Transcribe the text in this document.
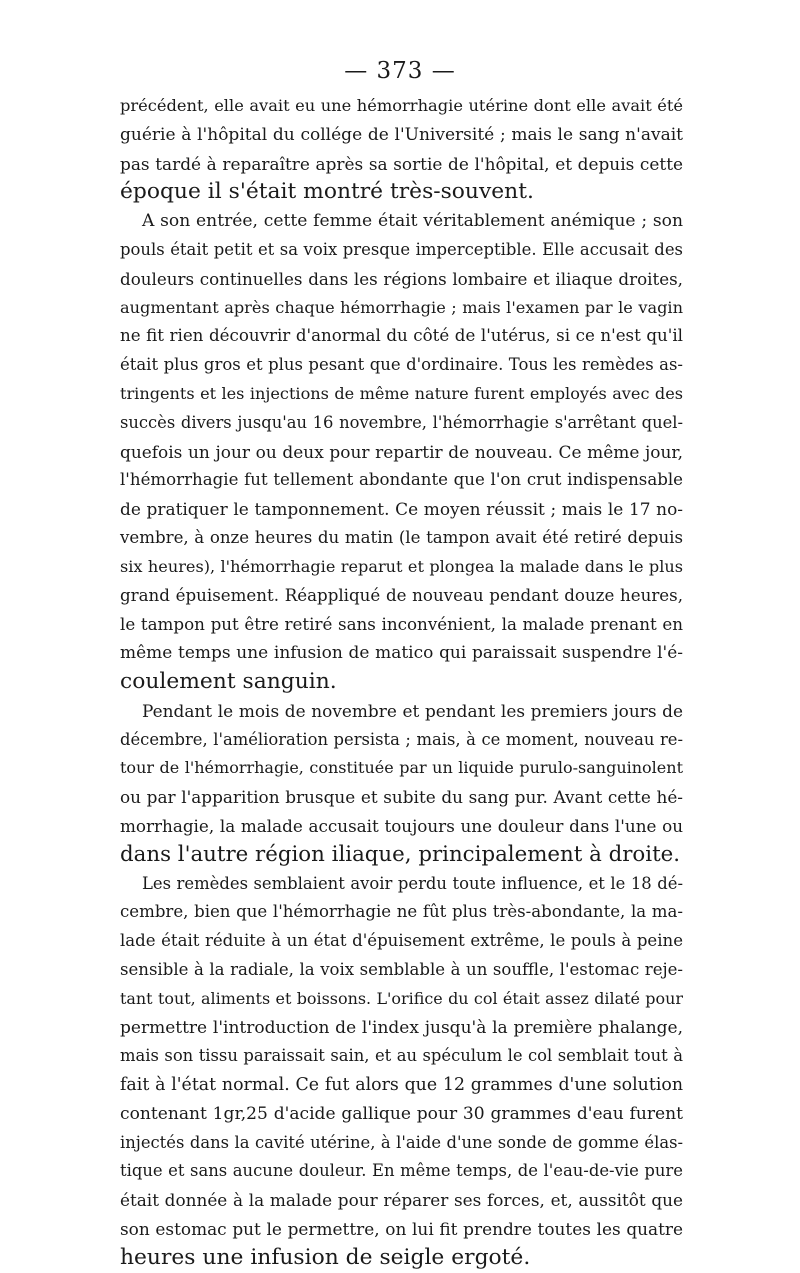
— 373 —

précédent, elle avait eu une hémorrhagie utérine dont elle avait été
guérie à l'hôpital du collége de l'Université ; mais le sang n'avait
pas tardé à reparaître après sa sortie de l'hôpital, et depuis cette
époque il s'était montré très-souvent.

A son entrée, cette femme était véritablement anémique ; son
pouls était petit et sa voix presque imperceptible. Elle accusait des
douleurs continuelles dans les régions lombaire et iliaque droites,
augmentant après chaque hémorrhagie ; mais l'examen par le vagin
ne fit rien découvrir d'anormal du côté de l'utérus, si ce n'est qu'il
était plus gros et plus pesant que d'ordinaire. Tous les remèdes as-
tringents et les injections de même nature furent employés avec des
succès divers jusqu'au 16 novembre, l'hémorrhagie s'arrêtant quel-
quefois un jour ou deux pour repartir de nouveau. Ce même jour,
l'hémorrhagie fut tellement abondante que l'on crut indispensable
de pratiquer le tamponnement. Ce moyen réussit ; mais le 17 no-
vembre, à onze heures du matin (le tampon avait été retiré depuis
six heures), l'hémorrhagie reparut et plongea la malade dans le plus
grand épuisement. Réappliqué de nouveau pendant douze heures,
le tampon put être retiré sans inconvénient, la malade prenant en
même temps une infusion de matico qui paraissait suspendre l'é-
coulement sanguin.

Pendant le mois de novembre et pendant les premiers jours de
décembre, l'amélioration persista ; mais, à ce moment, nouveau re-
tour de l'hémorrhagie, constituée par un liquide purulo-sanguinolent
ou par l'apparition brusque et subite du sang pur. Avant cette hé-
morrhagie, la malade accusait toujours une douleur dans l'une ou
dans l'autre région iliaque, principalement à droite.

Les remèdes semblaient avoir perdu toute influence, et le 18 dé-
cembre, bien que l'hémorrhagie ne fût plus très-abondante, la ma-
lade était réduite à un état d'épuisement extrême, le pouls à peine
sensible à la radiale, la voix semblable à un souffle, l'estomac reje-
tant tout, aliments et boissons. L'orifice du col était assez dilaté pour
permettre l'introduction de l'index jusqu'à la première phalange,
mais son tissu paraissait sain, et au spéculum le col semblait tout à
fait à l'état normal. Ce fut alors que 12 grammes d'une solution
contenant 1gr,25 d'acide gallique pour 30 grammes d'eau furent
injectés dans la cavité utérine, à l'aide d'une sonde de gomme élas-
tique et sans aucune douleur. En même temps, de l'eau-de-vie pure
était donnée à la malade pour réparer ses forces, et, aussitôt que
son estomac put le permettre, on lui fit prendre toutes les quatre
heures une infusion de seigle ergoté.
